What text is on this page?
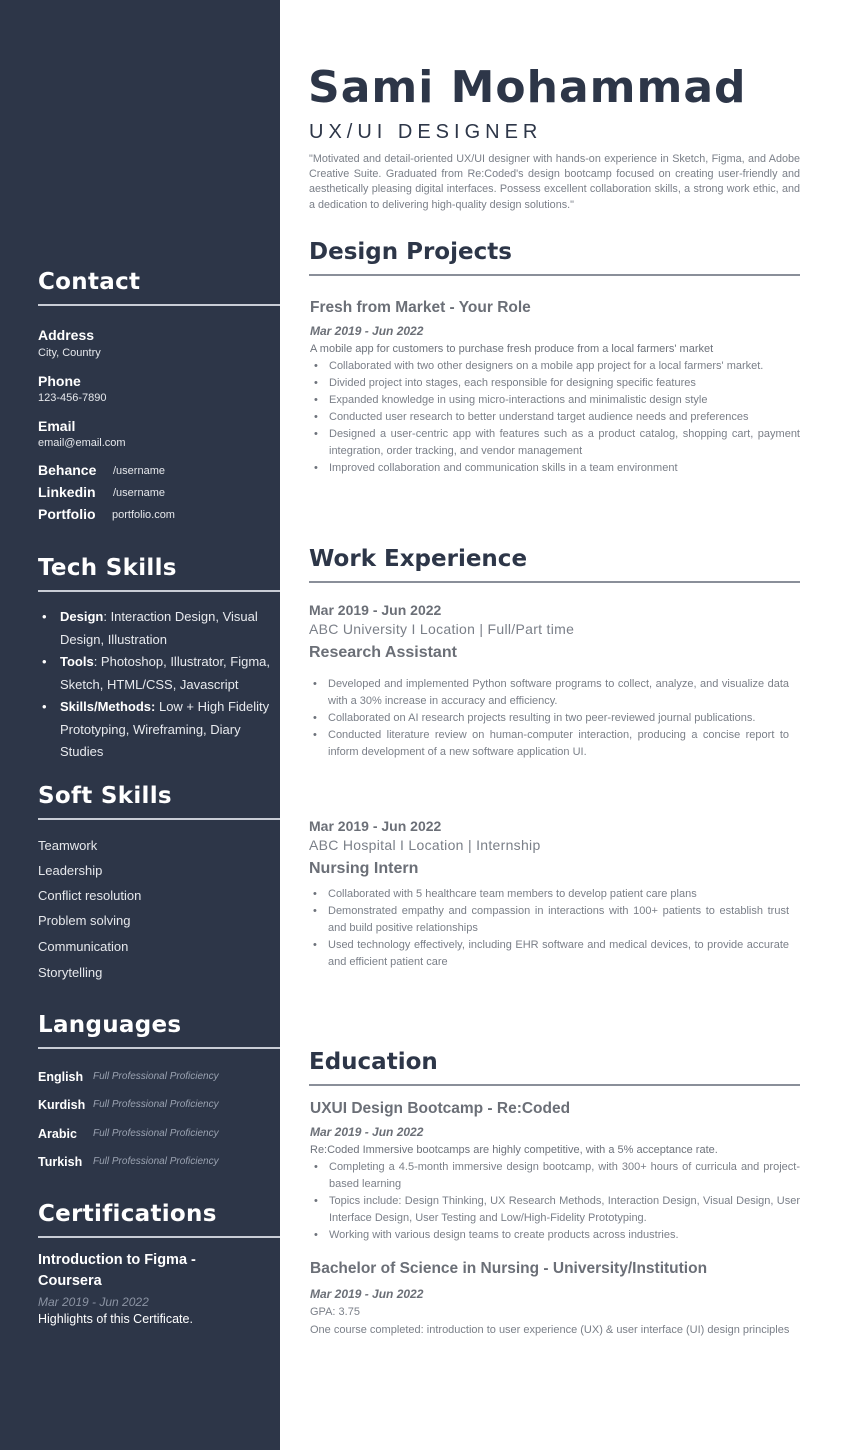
Contact
Address
City, Country
Phone
123-456-7890
Email
email@email.com
Behance /username
Linkedin /username
Portfolio portfolio.com
Tech Skills
• Design: Interaction Design, Visual Design, Illustration
• Tools: Photoshop, Illustrator, Figma, Sketch, HTML/CSS, Javascript
• Skills/Methods: Low + High Fidelity Prototyping, Wireframing, Diary Studies
Soft Skills
Teamwork
Leadership
Conflict resolution
Problem solving
Communication
Storytelling
Languages
English Full Professional Proficiency
Kurdish Full Professional Proficiency
Arabic Full Professional Proficiency
Turkish Full Professional Proficiency
Certifications
Introduction to Figma - Coursera
Mar 2019 - Jun 2022
Highlights of this Certificate.
Sami Mohammad
UX/UI DESIGNER
"Motivated and detail-oriented UX/UI designer with hands-on experience in Sketch, Figma, and Adobe Creative Suite. Graduated from Re:Coded's design bootcamp focused on creating user-friendly and aesthetically pleasing digital interfaces. Possess excellent collaboration skills, a strong work ethic, and a dedication to delivering high-quality design solutions."
Design Projects
Fresh from Market - Your Role
Mar 2019 - Jun 2022
A mobile app for customers to purchase fresh produce from a local farmers' market
• Collaborated with two other designers on a mobile app project for a local farmers' market.
• Divided project into stages, each responsible for designing specific features
• Expanded knowledge in using micro-interactions and minimalistic design style
• Conducted user research to better understand target audience needs and preferences
• Designed a user-centric app with features such as a product catalog, shopping cart, payment integration, order tracking, and vendor management
• Improved collaboration and communication skills in a team environment
Work Experience
Mar 2019 - Jun 2022
ABC University I Location | Full/Part time
Research Assistant
• Developed and implemented Python software programs to collect, analyze, and visualize data with a 30% increase in accuracy and efficiency.
• Collaborated on AI research projects resulting in two peer-reviewed journal publications.
• Conducted literature review on human-computer interaction, producing a concise report to inform development of a new software application UI.
Mar 2019 - Jun 2022
ABC Hospital I Location | Internship
Nursing Intern
• Collaborated with 5 healthcare team members to develop patient care plans
• Demonstrated empathy and compassion in interactions with 100+ patients to establish trust and build positive relationships
• Used technology effectively, including EHR software and medical devices, to provide accurate and efficient patient care
Education
UXUI Design Bootcamp - Re:Coded
Mar 2019 - Jun 2022
Re:Coded Immersive bootcamps are highly competitive, with a 5% acceptance rate.
• Completing a 4.5-month immersive design bootcamp, with 300+ hours of curricula and project-based learning
• Topics include: Design Thinking, UX Research Methods, Interaction Design, Visual Design, User Interface Design, User Testing and Low/High-Fidelity Prototyping.
• Working with various design teams to create products across industries.
Bachelor of Science in Nursing - University/Institution
Mar 2019 - Jun 2022
GPA: 3.75
One course completed: introduction to user experience (UX) & user interface (UI) design principles
